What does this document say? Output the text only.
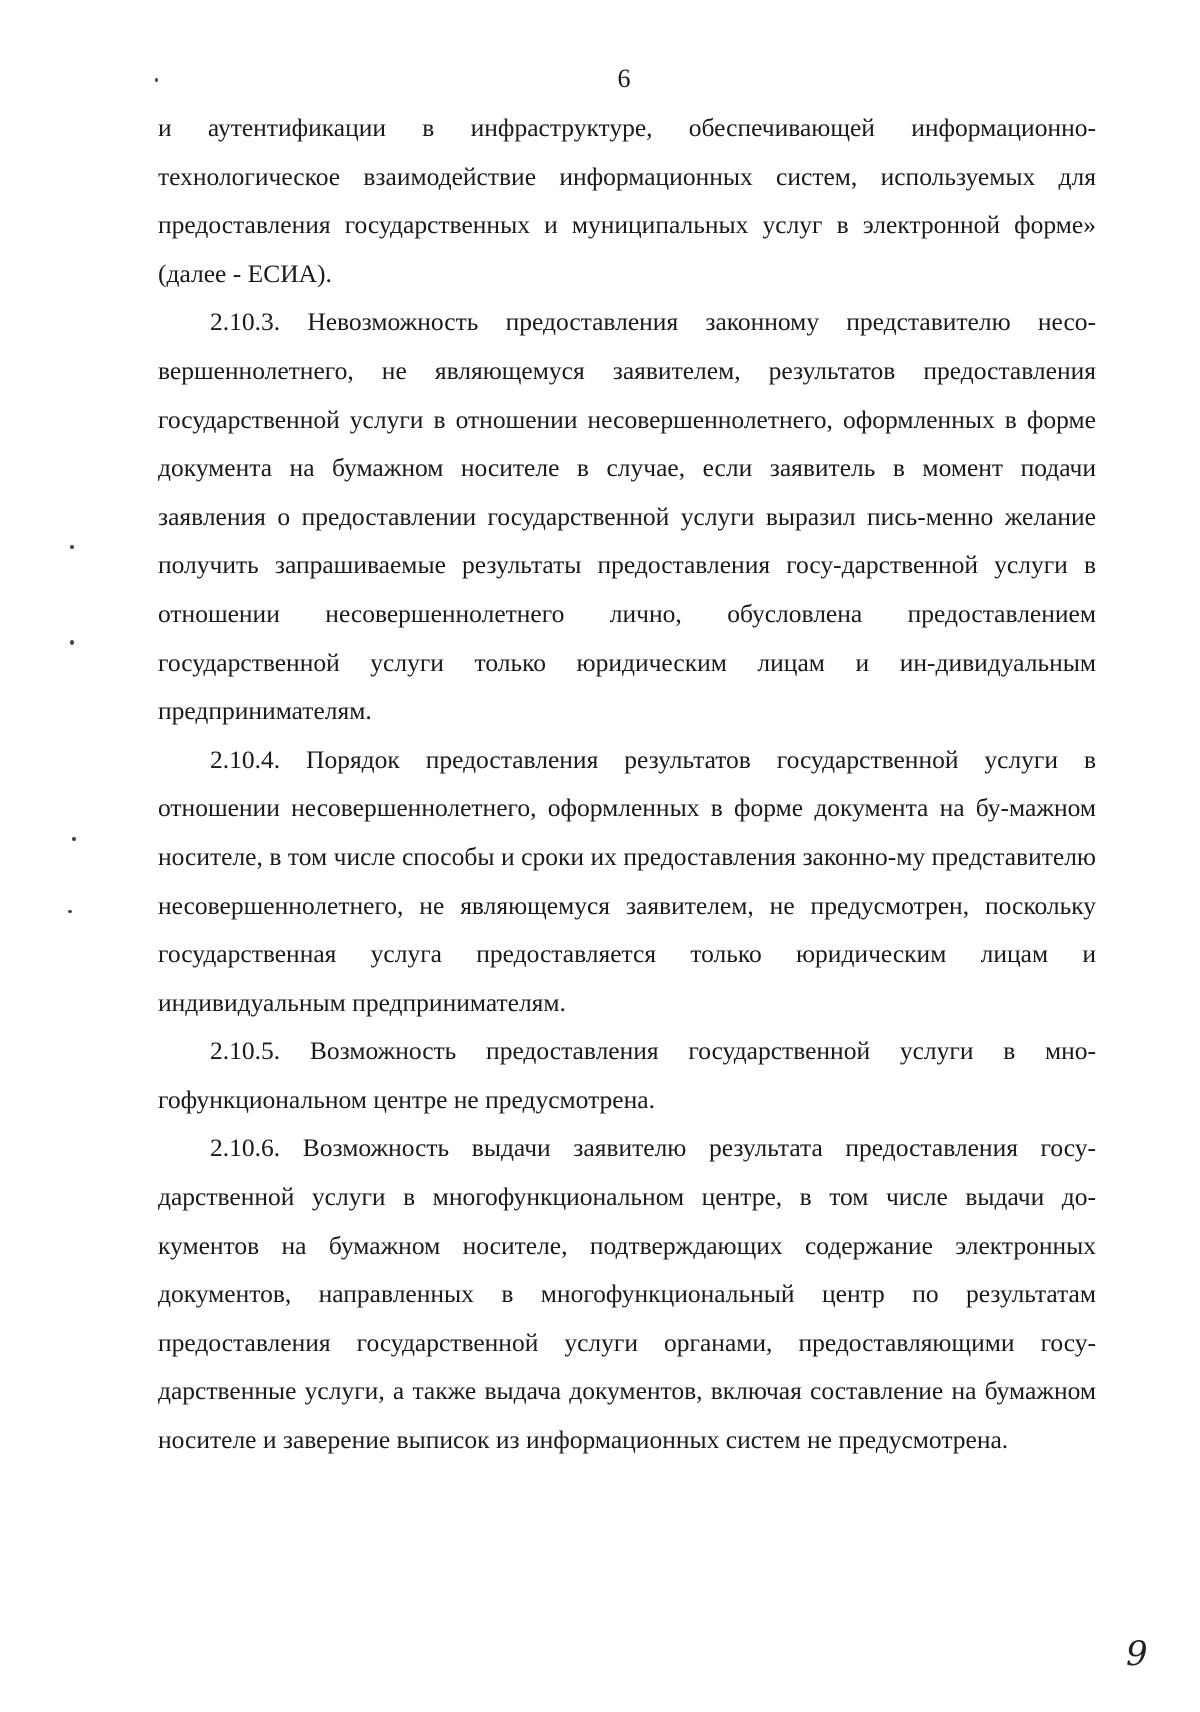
6

и аутентификации в инфраструктуре, обеспечивающей информационно-технологическое взаимодействие информационных систем, используемых для предоставления государственных и муниципальных услуг в электронной форме» (далее - ЕСИА).

2.10.3. Невозможность предоставления законному представителю несо-вершеннолетнего, не являющемуся заявителем, результатов предоставления государственной услуги в отношении несовершеннолетнего, оформленных в форме документа на бумажном носителе в случае, если заявитель в момент подачи заявления о предоставлении государственной услуги выразил пись-менно желание получить запрашиваемые результаты предоставления госу-дарственной услуги в отношении несовершеннолетнего лично, обусловлена предоставлением государственной услуги только юридическим лицам и ин-дивидуальным предпринимателям.

2.10.4. Порядок предоставления результатов государственной услуги в отношении несовершеннолетнего, оформленных в форме документа на бу-мажном носителе, в том числе способы и сроки их предоставления законно-му представителю несовершеннолетнего, не являющемуся заявителем, не предусмотрен, поскольку государственная услуга предоставляется только юридическим лицам и индивидуальным предпринимателям.

2.10.5. Возможность предоставления государственной услуги в мно-гофункциональном центре не предусмотрена.

2.10.6. Возможность выдачи заявителю результата предоставления госу-дарственной услуги в многофункциональном центре, в том числе выдачи до-кументов на бумажном носителе, подтверждающих содержание электронных документов, направленных в многофункциональный центр по результатам предоставления государственной услуги органами, предоставляющими госу-дарственные услуги, а также выдача документов, включая составление на бумажном носителе и заверение выписок из информационных систем не предусмотрена.

9
